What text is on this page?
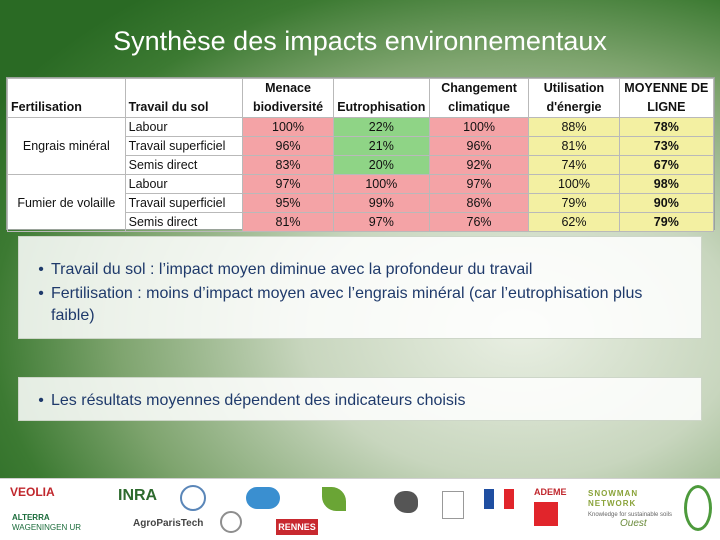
Synthèse des impacts environnementaux
Fertilisation	Travail du sol	Menace biodiversité	Eutrophisation	Changement climatique	Utilisation d'énergie	MOYENNE DE LIGNE
Engrais minéral	Labour	100%	22%	100%	88%	78%
	Travail superficiel	96%	21%	96%	81%	73%
	Semis direct	83%	20%	92%	74%	67%
Fumier de volaille	Labour	97%	100%	97%	100%	98%
	Travail superficiel	95%	99%	86%	79%	90%
	Semis direct	81%	97%	76%	62%	79%
• Travail du sol : l’impact moyen diminue avec la profondeur du travail
• Fertilisation : moins d’impact moyen avec l’engrais minéral (car l’eutrophisation plus faible)
• Les résultats moyennes dépendent des indicateurs choisis
VEOLIA
ALTERRA
WAGENINGEN UR
INRA
AgroParisTech	RENNES
ADEME	SNOWMAN NETWORK
Knowledge for sustainable soils
Ouest
